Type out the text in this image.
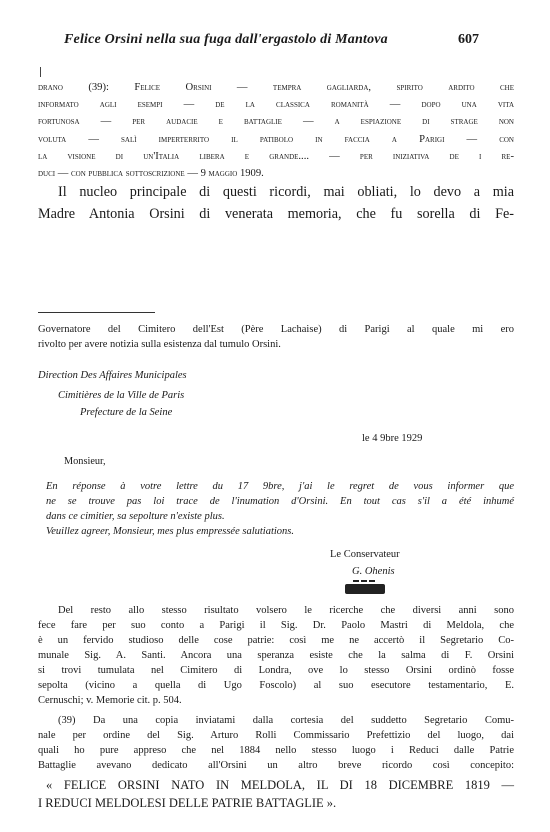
Felice Orsini nella sua fuga dall'ergastolo di Mantova	607
drano (39): Felice Orsini — tempra gagliarda, spirito ardito che
informato agli esempi — de la classica romanità — dopo una vita
fortunosa — per audacie e battaglie — a espiazione di strage non
voluta — salì imperterrito il patibolo in faccia a Parigi — con
la visione di un'Italia libera e grande.... — per iniziativa de i re-
duci — con pubblica sottoscrizione — 9 maggio 1909.
Il nucleo principale di questi ricordi, mai obliati, lo devo a mia
Madre Antonia Orsini di venerata memoria, che fu sorella di Fe-
Governatore del Cimitero dell'Est (Père Lachaise) di Parigi al quale mi ero
rivolto per avere notizia sulla esistenza dal tumulo Orsini.
Direction Des Affaires Municipales
Cimitières de la Ville de Paris
Prefecture de la Seine
le 4 9bre 1929
Monsieur,
En réponse à votre lettre du 17 9bre, j'ai le regret de vous informer que
ne se trouve pas loi trace de l'inumation d'Orsini. En tout cas s'il a été inhumé
dans ce cimitier, sa sepolture n'existe plus.
Veuillez agreer, Monsieur, mes plus empressée salutiations.
Le Conservateur
G. Ohenis
Del resto allo stesso risultato volsero le ricerche che diversi anni sono
fece fare per suo conto a Parigi il Sig. Dr. Paolo Mastri di Meldola, che
è un fervido studioso delle cose patrie: così me ne accertò il Segretario Co-
munale Sig. A. Santi. Ancora una speranza esiste che la salma di F. Orsini
si trovi tumulata nel Cimitero di Londra, ove lo stesso Orsini ordinò fosse
sepolta (vicino a quella di Ugo Foscolo) al suo esecutore testamentario, E.
Cernuschi; v. Memorie cit. p. 504.
(39) Da una copia inviatami dalla cortesia del suddetto Segretario Comu-
nale per ordine del Sig. Arturo Rolli Commissario Prefettizio del luogo, dai
quali ho pure appreso che nel 1884 nello stesso luogo i Reduci dalle Patrie
Battaglie avevano dedicato all'Orsini un altro breve ricordo così concepito:
« FELICE ORSINI NATO IN MELDOLA, IL DI 18 DICEMBRE 1819 —
I REDUCI MELDOLESI DELLE PATRIE BATTAGLIE ».
